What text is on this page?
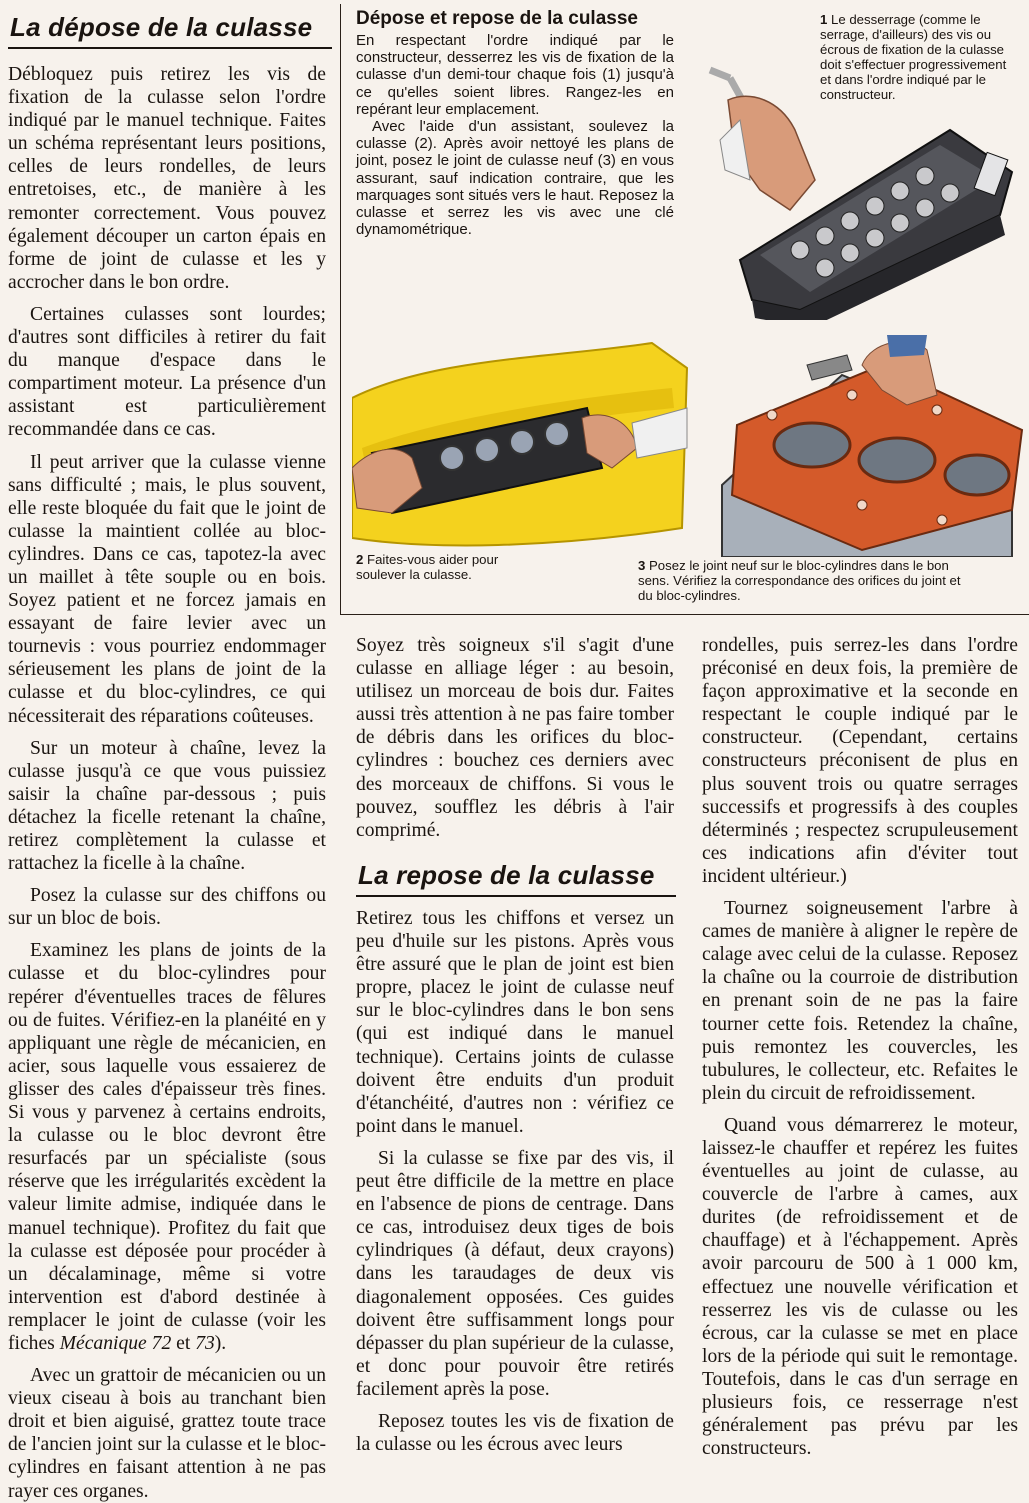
La dépose de la culasse

Débloquez puis retirez les vis de fixation de la culasse selon l'ordre indiqué par le manuel technique. Faites un schéma représentant leurs positions, celles de leurs rondelles, de leurs entretoises, etc., de manière à les remonter correctement. Vous pouvez également découper un carton épais en forme de joint de culasse et les y accrocher dans le bon ordre.

Certaines culasses sont lourdes; d'autres sont difficiles à retirer du fait du manque d'espace dans le compartiment moteur. La présence d'un assistant est particulièrement recommandée dans ce cas.

Il peut arriver que la culasse vienne sans difficulté ; mais, le plus souvent, elle reste bloquée du fait que le joint de culasse la maintient collée au bloc-cylindres. Dans ce cas, tapotez-la avec un maillet à tête souple ou en bois. Soyez patient et ne forcez jamais en essayant de faire levier avec un tournevis : vous pourriez endommager sérieusement les plans de joint de la culasse et du bloc-cylindres, ce qui nécessiterait des réparations coûteuses.

Sur un moteur à chaîne, levez la culasse jusqu'à ce que vous puissiez saisir la chaîne par-dessous ; puis détachez la ficelle retenant la chaîne, retirez complètement la culasse et rattachez la ficelle à la chaîne.

Posez la culasse sur des chiffons ou sur un bloc de bois.

Examinez les plans de joints de la culasse et du bloc-cylindres pour repérer d'éventuelles traces de fêlures ou de fuites. Vérifiez-en la planéité en y appliquant une règle de mécanicien, en acier, sous laquelle vous essaierez de glisser des cales d'épaisseur très fines. Si vous y parvenez à certains endroits, la culasse ou le bloc devront être resurfacés par un spécialiste (sous réserve que les irrégularités excèdent la valeur limite admise, indiquée dans le manuel technique). Profitez du fait que la culasse est déposée pour procéder à un décalaminage, même si votre intervention est d'abord destinée à remplacer le joint de culasse (voir les fiches Mécanique 72 et 73).

Avec un grattoir de mécanicien ou un vieux ciseau à bois au tranchant bien droit et bien aiguisé, grattez toute trace de l'ancien joint sur la culasse et le bloc-cylindres en faisant attention à ne pas rayer ces organes.

Dépose et repose de la culasse

En respectant l'ordre indiqué par le constructeur, desserrez les vis de fixation de la culasse d'un demi-tour chaque fois (1) jusqu'à ce qu'elles soient libres. Rangez-les en repérant leur emplacement.

Avec l'aide d'un assistant, soulevez la culasse (2). Après avoir nettoyé les plans de joint, posez le joint de culasse neuf (3) en vous assurant, sauf indication contraire, que les marquages sont situés vers le haut. Reposez la culasse et serrez les vis avec une clé dynamométrique.

1 Le desserrage (comme le serrage, d'ailleurs) des vis ou écrous de fixation de la culasse doit s'effectuer progressivement et dans l'ordre indiqué par le constructeur.
2 Faites-vous aider pour soulever la culasse.
3 Posez le joint neuf sur le bloc-cylindres dans le bon sens. Vérifiez la correspondance des orifices du joint et du bloc-cylindres.

Soyez très soigneux s'il s'agit d'une culasse en alliage léger : au besoin, utilisez un morceau de bois dur. Faites aussi très attention à ne pas faire tomber de débris dans les orifices du bloc-cylindres : bouchez ces derniers avec des morceaux de chiffons. Si vous le pouvez, soufflez les débris à l'air comprimé.

La repose de la culasse

Retirez tous les chiffons et versez un peu d'huile sur les pistons. Après vous être assuré que le plan de joint est bien propre, placez le joint de culasse neuf sur le bloc-cylindres dans le bon sens (qui est indiqué dans le manuel technique). Certains joints de culasse doivent être enduits d'un produit d'étanchéité, d'autres non : vérifiez ce point dans le manuel.

Si la culasse se fixe par des vis, il peut être difficile de la mettre en place en l'absence de pions de centrage. Dans ce cas, introduisez deux tiges de bois cylindriques (à défaut, deux crayons) dans les taraudages de deux vis diagonalement opposées. Ces guides doivent être suffisamment longs pour dépasser du plan supérieur de la culasse, et donc pour pouvoir être retirés facilement après la pose.

Reposez toutes les vis de fixation de la culasse ou les écrous avec leurs

rondelles, puis serrez-les dans l'ordre préconisé en deux fois, la première de façon approximative et la seconde en respectant le couple indiqué par le constructeur. (Cependant, certains constructeurs préconisent de plus en plus souvent trois ou quatre serrages successifs et progressifs à des couples déterminés ; respectez scrupuleusement ces indications afin d'éviter tout incident ultérieur.)

Tournez soigneusement l'arbre à cames de manière à aligner le repère de calage avec celui de la culasse. Reposez la chaîne ou la courroie de distribution en prenant soin de ne pas la faire tourner cette fois. Retendez la chaîne, puis remontez les couvercles, les tubulures, le collecteur, etc. Refaites le plein du circuit de refroidissement.

Quand vous démarrerez le moteur, laissez-le chauffer et repérez les fuites éventuelles au joint de culasse, au couvercle de l'arbre à cames, aux durites (de refroidissement et de chauffage) et à l'échappement. Après avoir parcouru de 500 à 1 000 km, effectuez une nouvelle vérification et resserrez les vis de culasse ou les écrous, car la culasse se met en place lors de la période qui suit le remontage. Toutefois, dans le cas d'un serrage en plusieurs fois, ce resserrage n'est généralement pas prévu par les constructeurs.
